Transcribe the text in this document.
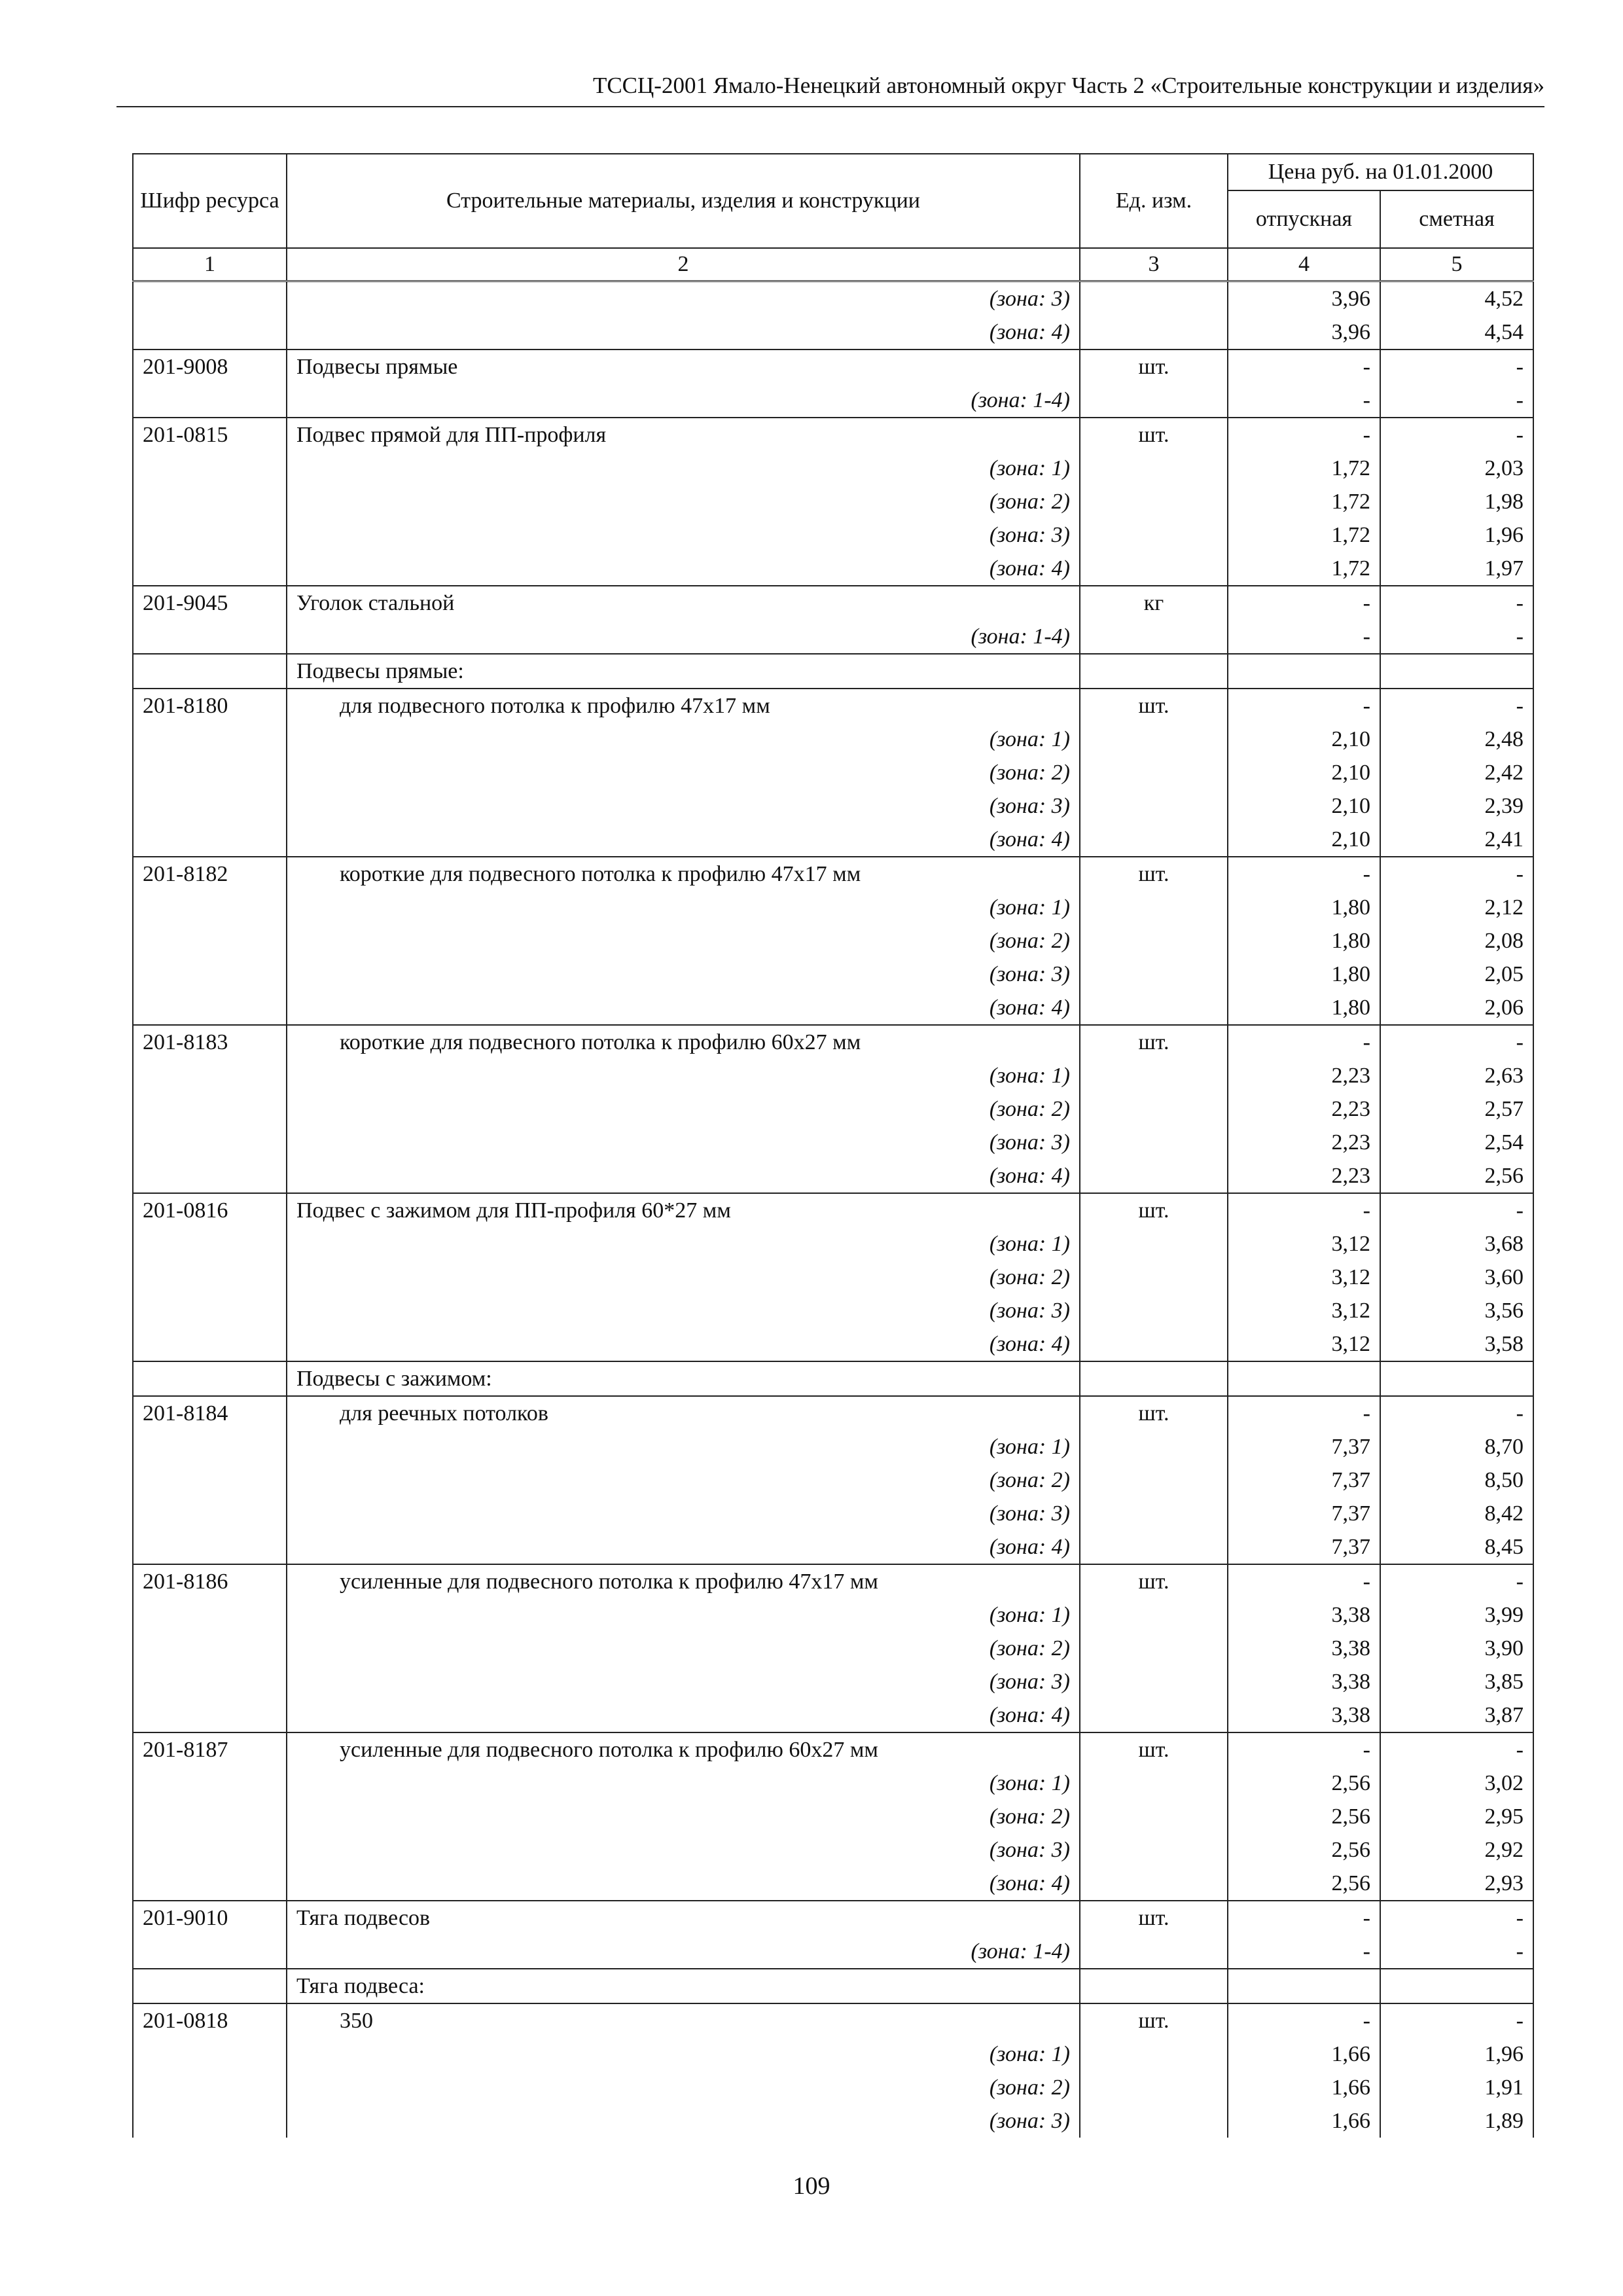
ТССЦ-2001 Ямало-Ненецкий автономный округ Часть 2 «Строительные конструкции и изделия»
Шифр ресурса	Строительные материалы, изделия и конструкции	Ед. изм.	Цена руб. на 01.01.2000	
			отпускная	сметная
1	2	3	4	5
	(зона: 3)		3,96	4,52
	(зона: 4)		3,96	4,54
201-9008	Подвесы прямые	шт.	-	-
	(зона: 1-4)		-	-
201-0815	Подвес прямой для ПП-профиля	шт.	-	-
	(зона: 1)		1,72	2,03
	(зона: 2)		1,72	1,98
	(зона: 3)		1,72	1,96
	(зона: 4)		1,72	1,97
201-9045	Уголок стальной	кг	-	-
	(зона: 1-4)		-	-
	Подвесы прямые:			
201-8180	для подвесного потолка к профилю 47х17 мм	шт.	-	-
	(зона: 1)		2,10	2,48
	(зона: 2)		2,10	2,42
	(зона: 3)		2,10	2,39
	(зона: 4)		2,10	2,41
201-8182	короткие для подвесного потолка к профилю 47х17 мм	шт.	-	-
	(зона: 1)		1,80	2,12
	(зона: 2)		1,80	2,08
	(зона: 3)		1,80	2,05
	(зона: 4)		1,80	2,06
201-8183	короткие для подвесного потолка к профилю 60х27 мм	шт.	-	-
	(зона: 1)		2,23	2,63
	(зона: 2)		2,23	2,57
	(зона: 3)		2,23	2,54
	(зона: 4)		2,23	2,56
201-0816	Подвес с зажимом для ПП-профиля 60*27 мм	шт.	-	-
	(зона: 1)		3,12	3,68
	(зона: 2)		3,12	3,60
	(зона: 3)		3,12	3,56
	(зона: 4)		3,12	3,58
	Подвесы с зажимом:			
201-8184	для реечных потолков	шт.	-	-
	(зона: 1)		7,37	8,70
	(зона: 2)		7,37	8,50
	(зона: 3)		7,37	8,42
	(зона: 4)		7,37	8,45
201-8186	усиленные для подвесного потолка к профилю 47х17 мм	шт.	-	-
	(зона: 1)		3,38	3,99
	(зона: 2)		3,38	3,90
	(зона: 3)		3,38	3,85
	(зона: 4)		3,38	3,87
201-8187	усиленные для подвесного потолка к профилю 60х27 мм	шт.	-	-
	(зона: 1)		2,56	3,02
	(зона: 2)		2,56	2,95
	(зона: 3)		2,56	2,92
	(зона: 4)		2,56	2,93
201-9010	Тяга подвесов	шт.	-	-
	(зона: 1-4)		-	-
	Тяга подвеса:			
201-0818	350	шт.	-	-
	(зона: 1)		1,66	1,96
	(зона: 2)		1,66	1,91
	(зона: 3)		1,66	1,89
109
